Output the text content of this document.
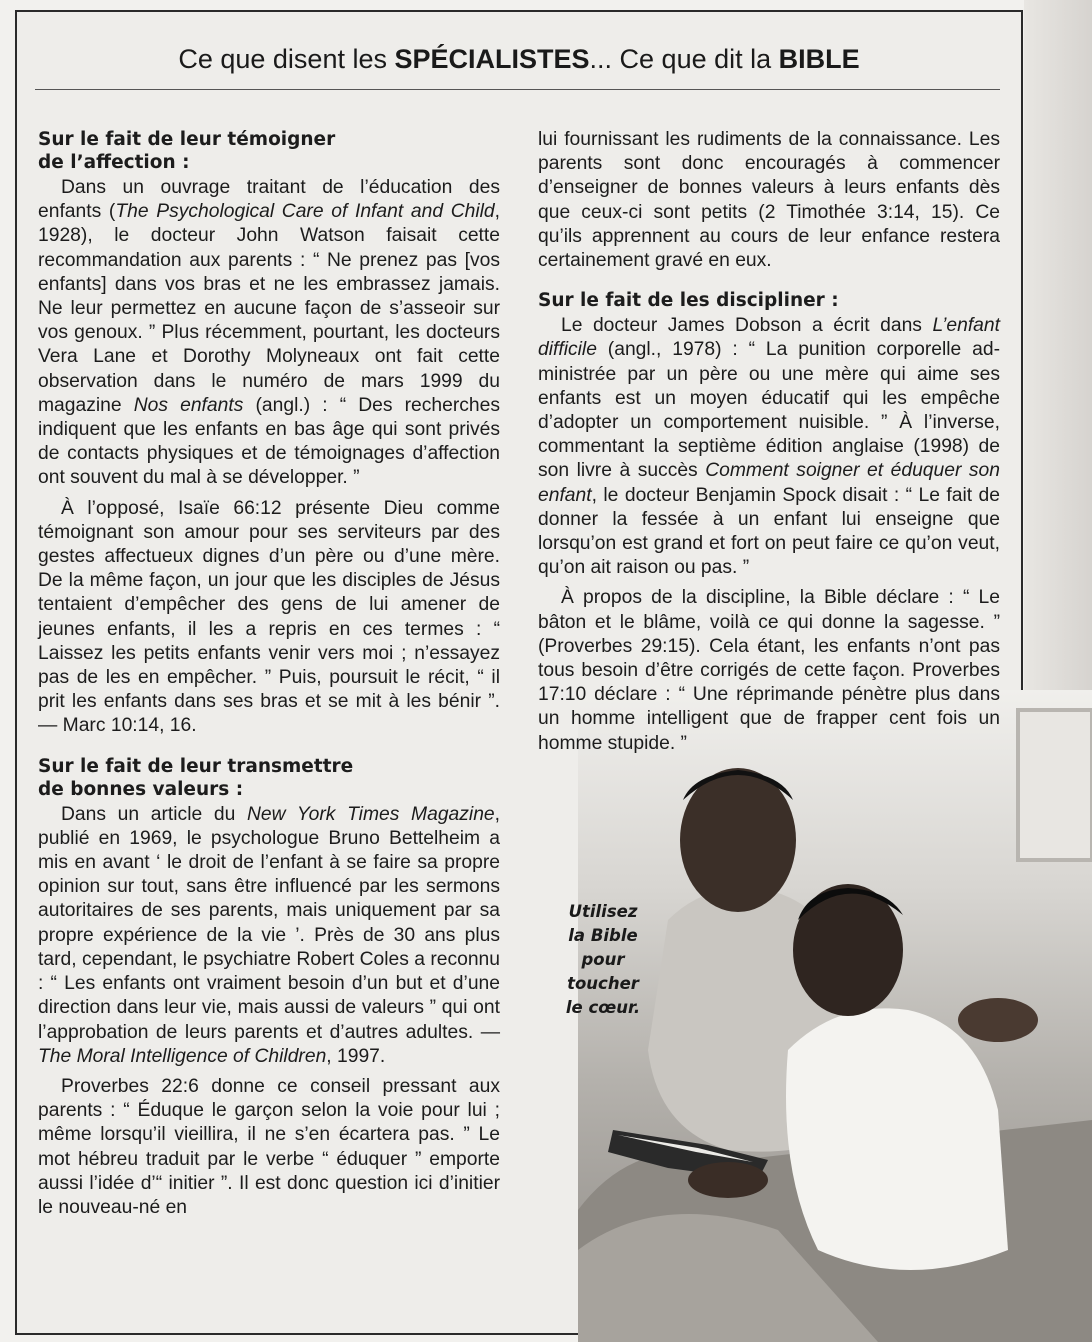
Ce que disent les SPÉCIALISTES... Ce que dit la BIBLE
Utilisez
la Bible
pour
toucher
le cœur.
Sur le fait de leur témoigner
de l’affection :

Dans un ouvrage traitant de l’éducation des enfants (The Psychological Care of Infant and Child, 1928), le docteur John Watson faisait cette recommandation aux parents : “ Ne prenez pas [vos enfants] dans vos bras et ne les embrassez jamais. Ne leur permettez en aucune façon de s’asseoir sur vos genoux. ” Plus récemment, pourtant, les docteurs Vera Lane et Dorothy Molyneaux ont fait cette observation dans le numéro de mars 1999 du magazine Nos enfants (angl.) : “ Des recherches indiquent que les enfants en bas âge qui sont privés de contacts physiques et de témoignages d’affection ont souvent du mal à se développer. ”

À l’opposé, Isaïe 66:12 présente Dieu comme témoignant son amour pour ses serviteurs par des gestes affectueux dignes d’un père ou d’une mère. De la même façon, un jour que les disciples de Jésus tentaient d’empêcher des gens de lui amener de jeunes enfants, il les a repris en ces termes : “ Laissez les petits enfants venir vers moi ; n’essayez pas de les en empêcher. ” Puis, poursuit le récit, “ il prit les enfants dans ses bras et se mit à les bénir ”. — Marc 10:14, 16.

Sur le fait de leur transmettre
de bonnes valeurs :

Dans un article du New York Times Magazine, publié en 1969, le psychologue Bruno Bettelheim a mis en avant ‘ le droit de l’enfant à se faire sa propre opinion sur tout, sans être influencé par les sermons autoritaires de ses parents, mais uniquement par sa propre expérience de la vie ’. Près de 30 ans plus tard, cependant, le psychiatre Robert Coles a reconnu : “ Les enfants ont vraiment besoin d’un but et d’une direction dans leur vie, mais aussi de valeurs ” qui ont l’approbation de leurs parents et d’autres adultes. — The Moral Intelligence of Children, 1997.

Proverbes 22:6 donne ce conseil pressant aux parents : “ Éduque le garçon selon la voie pour lui ; même lorsqu’il vieillira, il ne s’en écartera pas. ” Le mot hébreu traduit par le verbe “ éduquer ” emporte aussi l’idée d’“ initier ”. Il est donc question ici d’initier le nouveau-né en

lui fournissant les rudiments de la connaissance. Les parents sont donc encouragés à commencer d’enseigner de bonnes valeurs à leurs enfants dès que ceux-ci sont petits (2 Timothée 3:14, 15). Ce qu’ils apprennent au cours de leur enfance restera certainement gravé en eux.

Sur le fait de les discipliner :

Le docteur James Dobson a écrit dans L’enfant difficile (angl., 1978) : “ La punition corporelle administrée par un père ou une mère qui aime ses enfants est un moyen éducatif qui les empêche d’adopter un comportement nuisible. ” À l’inverse, commentant la septième édition anglaise (1998) de son livre à succès Comment soigner et éduquer son enfant, le docteur Benjamin Spock disait : “ Le fait de donner la fessée à un enfant lui enseigne que lorsqu’on est grand et fort on peut faire ce qu’on veut, qu’on ait raison ou pas. ”

À propos de la discipline, la Bible déclare : “ Le bâton et le blâme, voilà ce qui donne la sagesse. ” (Proverbes 29:15). Cela étant, les enfants n’ont pas tous besoin d’être corrigés de cette façon. Proverbes 17:10 déclare : “ Une réprimande pénètre plus dans un homme intelligent que de frapper cent fois un homme stupide. ”
